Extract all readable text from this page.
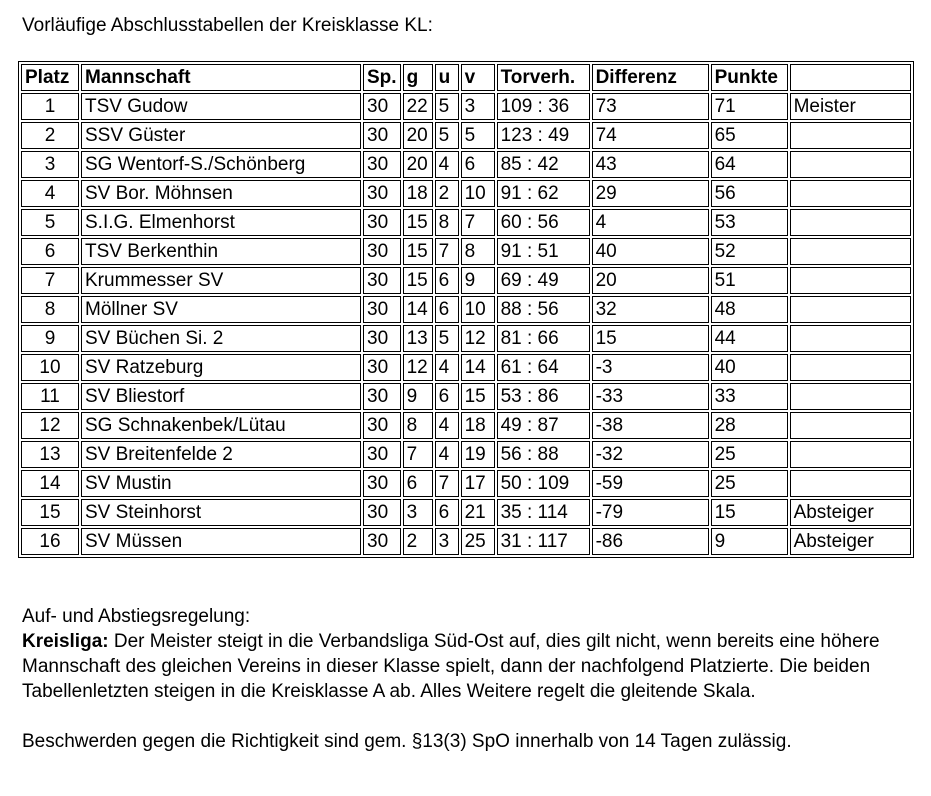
Vorläufige Abschlusstabellen der Kreisklasse KL:
Platz	Mannschaft	Sp.	g	u	v	Torverh.	Differenz	Punkte	
1	TSV Gudow	30	22	5	3	109 : 36	73	71	Meister
2	SSV Güster	30	20	5	5	123 : 49	74	65	
3	SG Wentorf-S./Schönberg	30	20	4	6	85 : 42	43	64	
4	SV Bor. Möhnsen	30	18	2	10	91 : 62	29	56	
5	S.I.G. Elmenhorst	30	15	8	7	60 : 56	4	53	
6	TSV Berkenthin	30	15	7	8	91 : 51	40	52	
7	Krummesser SV	30	15	6	9	69 : 49	20	51	
8	Möllner SV	30	14	6	10	88 : 56	32	48	
9	SV Büchen Si. 2	30	13	5	12	81 : 66	15	44	
10	SV Ratzeburg	30	12	4	14	61 : 64	-3	40	
11	SV Bliestorf	30	9	6	15	53 : 86	-33	33	
12	SG Schnakenbek/Lütau	30	8	4	18	49 : 87	-38	28	
13	SV Breitenfelde 2	30	7	4	19	56 : 88	-32	25	
14	SV Mustin	30	6	7	17	50 : 109	-59	25	
15	SV Steinhorst	30	3	6	21	35 : 114	-79	15	Absteiger
16	SV Müssen	30	2	3	25	31 : 117	-86	9	Absteiger

Auf- und Abstiegsregelung:

Kreisliga: Der Meister steigt in die Verbandsliga Süd-Ost auf, dies gilt nicht, wenn bereits eine höhere Mannschaft des gleichen Vereins in dieser Klasse spielt, dann der nachfolgend Platzierte. Die beiden Tabellenletzten steigen in die Kreisklasse A ab. Alles Weitere regelt die gleitende Skala.

Beschwerden gegen die Richtigkeit sind gem. §13(3) SpO innerhalb von 14 Tagen zulässig.
